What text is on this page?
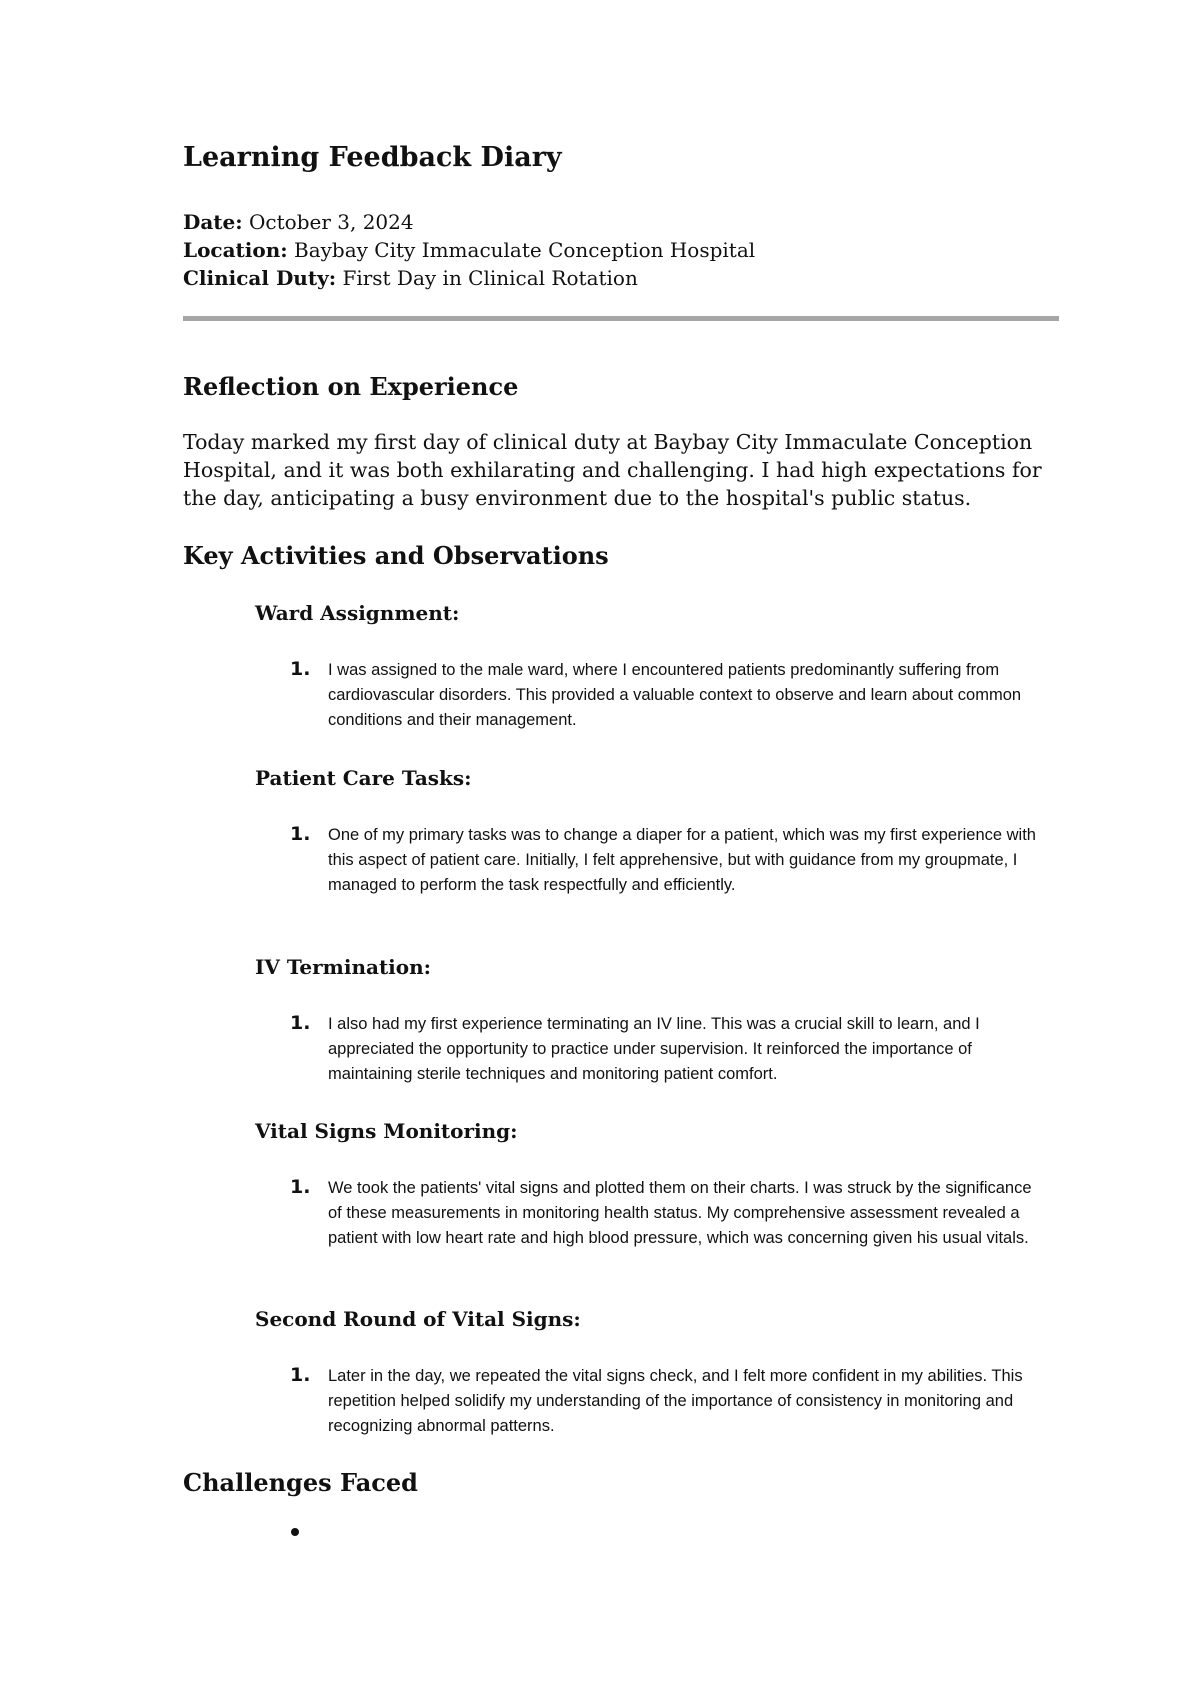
Learning Feedback Diary
Date: October 3, 2024
Location: Baybay City Immaculate Conception Hospital
Clinical Duty: First Day in Clinical Rotation
Reflection on Experience

Today marked my first day of clinical duty at Baybay City Immaculate Conception Hospital, and it was both exhilarating and challenging. I had high expectations for the day, anticipating a busy environment due to the hospital's public status.

Key Activities and Observations
Ward Assignment:
1. I was assigned to the male ward, where I encountered patients predominantly suffering from cardiovascular disorders. This provided a valuable context to observe and learn about common conditions and their management.

Patient Care Tasks:
1. One of my primary tasks was to change a diaper for a patient, which was my first experience with this aspect of patient care. Initially, I felt apprehensive, but with guidance from my groupmate, I managed to perform the task respectfully and efficiently.

IV Termination:
1. I also had my first experience terminating an IV line. This was a crucial skill to learn, and I appreciated the opportunity to practice under supervision. It reinforced the importance of maintaining sterile techniques and monitoring patient comfort.

Vital Signs Monitoring:
1. We took the patients' vital signs and plotted them on their charts. I was struck by the significance of these measurements in monitoring health status. My comprehensive assessment revealed a patient with low heart rate and high blood pressure, which was concerning given his usual vitals.

Second Round of Vital Signs:
1. Later in the day, we repeated the vital signs check, and I felt more confident in my abilities. This repetition helped solidify my understanding of the importance of consistency in monitoring and recognizing abnormal patterns.

Challenges Faced
